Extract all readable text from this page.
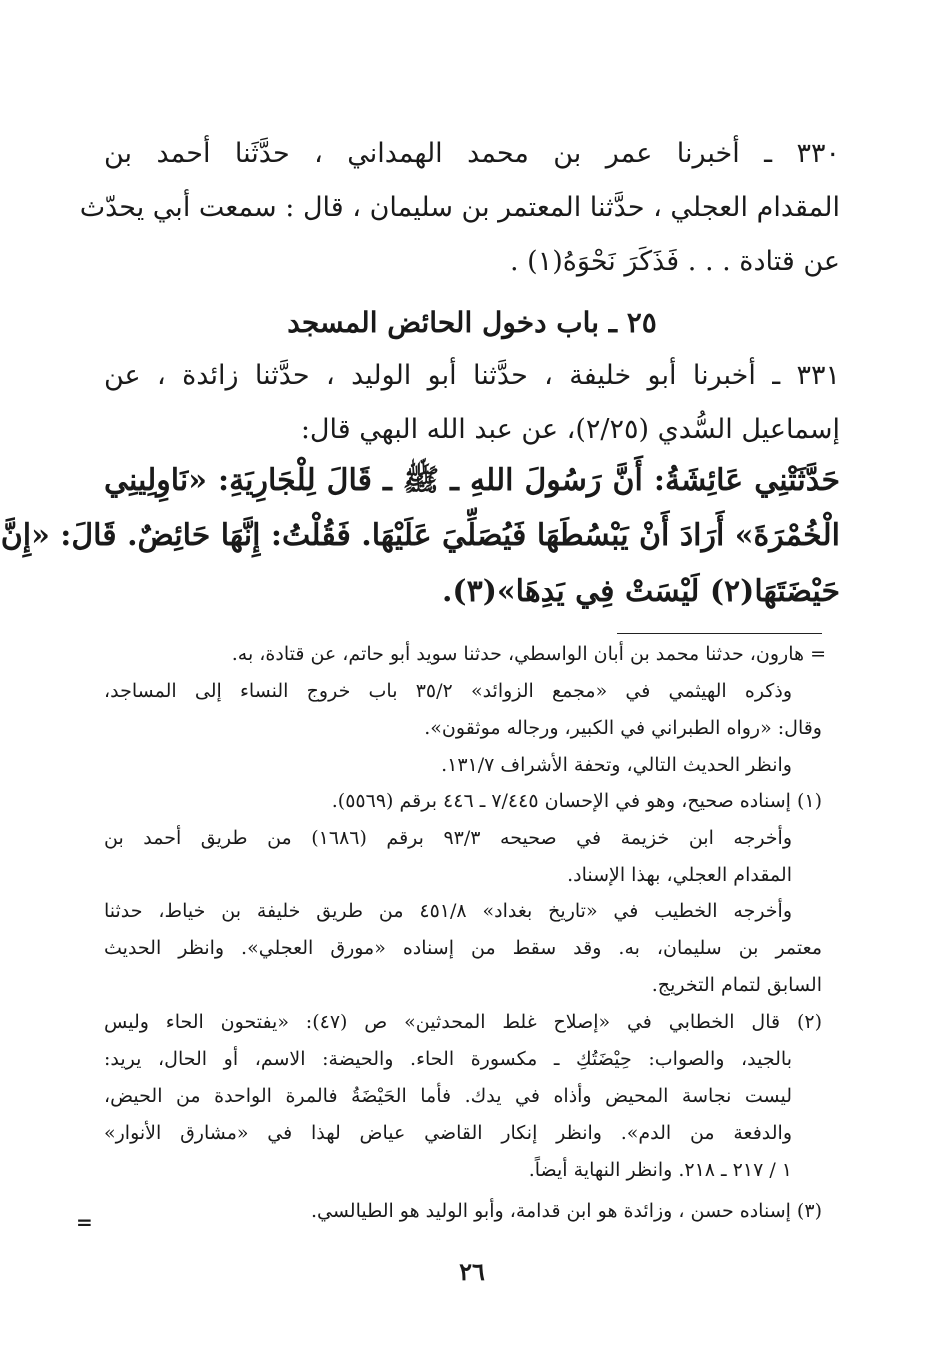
٣٣٠ ـ أخبرنا عمر بن محمد الهمداني ، حدَّثَنا أحمد بن
المقدام العجلي ، حدَّثنا المعتمر بن سليمان ، قال : سمعت أبي يحدّث
عن قتادة . . . فَذَكَرَ نَحْوَهُ(١) .
٢٥ ـ باب دخول الحائض المسجد
٣٣١ ـ أخبرنا أبو خليفة ، حدَّثنا أبو الوليد ، حدَّثنا زائدة ، عن
إسماعيل السُّدي (٢/٢٥)، عن عبد الله البهي قال:
حَدَّثَتْنِي عَائِشَةُ: أَنَّ رَسُولَ اللهِ ـ ﷺ ـ قَالَ لِلْجَارِيَةِ: «نَاوِلِينِي
الْخُمْرَةَ» أَرَادَ أَنْ يَبْسُطَهَا فَيُصَلِّيَ عَلَيْهَا. فَقُلْتُ: إِنَّهَا حَائِضٌ. قَالَ: «إِنَّ
حَيْضَتَهَا(٢) لَيْسَتْ فِي يَدِهَا»(٣).
= هارون، حدثنا محمد بن أبان الواسطي، حدثنا سويد أبو حاتم، عن قتادة، به.
وذكره الهيثمي في «مجمع الزوائد» ٣٥/٢ باب خروج النساء إلى المساجد،
وقال: «رواه الطبراني في الكبير، ورجاله موثقون».
وانظر الحديث التالي، وتحفة الأشراف ١٣١/٧.
(١) إسناده صحيح، وهو في الإحسان ٧/٤٤٥ ـ ٤٤٦ برقم (٥٥٦٩).
وأخرجه ابن خزيمة في صحيحه ٩٣/٣ برقم (١٦٨٦) من طريق أحمد بن
المقدام العجلي، بهذا الإسناد.
وأخرجه الخطيب في «تاريخ بغداد» ٤٥١/٨ من طريق خليفة بن خياط، حدثنا
معتمر بن سليمان، به. وقد سقط من إسناده «مورق العجلي». وانظر الحديث
السابق لتمام التخريج.
(٢) قال الخطابي في «إصلاح غلط المحدثين» ص (٤٧): «يفتحون الحاء وليس
بالجيد، والصواب: حِيْضَتُكِ ـ مكسورة الحاء. والحيضة: الاسم، أو الحال، يريد:
ليست نجاسة المحيض وأذاه في يدك. فأما الحَيْضَةُ فالمرة الواحدة من الحيض،
والدفعة من الدم». وانظر إنكار القاضي عياض لهذا في «مشارق الأنوار»
١ / ٢١٧ ـ ٢١٨. وانظر النهاية أيضاً.
(٣) إسناده حسن ، وزائدة هو ابن قدامة، وأبو الوليد هو الطيالسي.
=
٢٦
